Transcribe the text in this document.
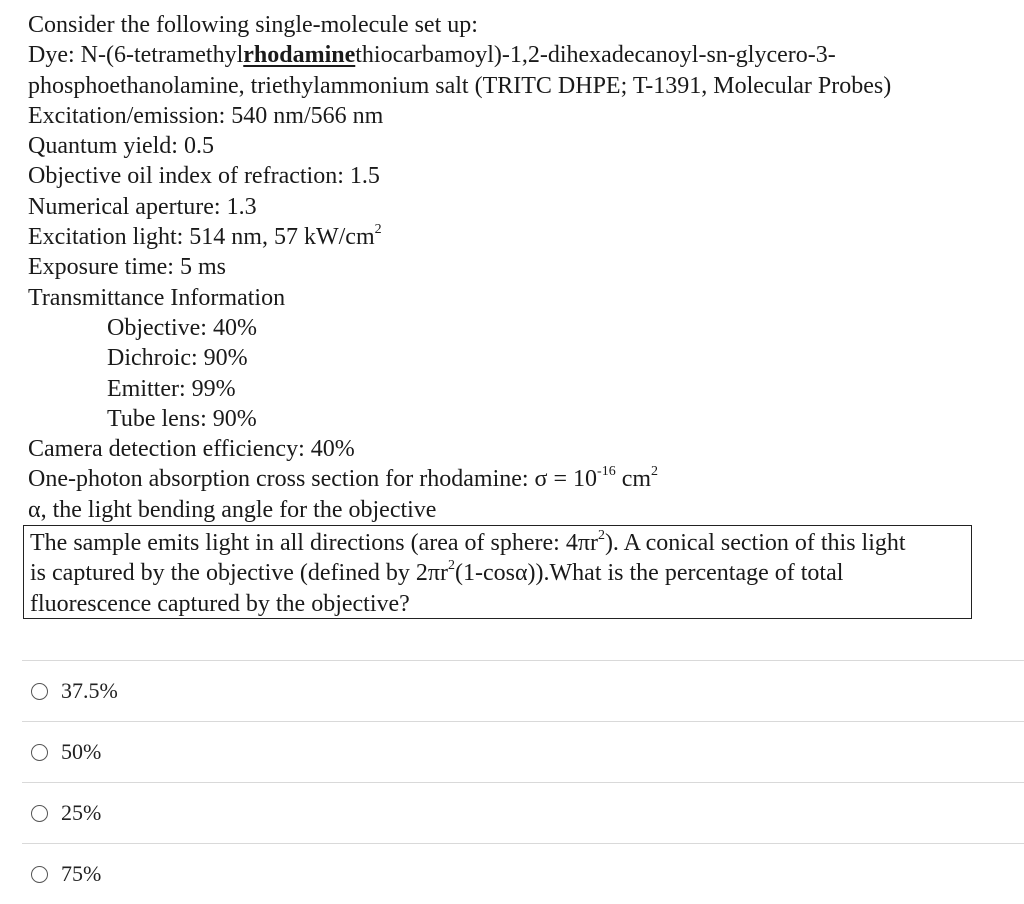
Consider the following single-molecule set up:
Dye: N-(6-tetramethylrhodaminethiocarbamoyl)-1,2-dihexadecanoyl-sn-glycero-3-
phosphoethanolamine, triethylammonium salt (TRITC DHPE; T-1391, Molecular Probes)
Excitation/emission: 540 nm/566 nm
Quantum yield: 0.5
Objective oil index of refraction: 1.5
Numerical aperture: 1.3
Excitation light: 514 nm, 57 $kW/cm^2$
Exposure time: 5 ms
Transmittance Information
Objective: 40%
Dichroic: 90%
Emitter: 99%
Tube lens: 90%
Camera detection efficiency: 40%
One-photon absorption cross section for rhodamine: $\sigma = 10^{-16}$ $cm^2$
α, the light bending angle for the objective
The sample emits light in all directions (area of sphere: $4\pi r^2$). A conical section of this light
is captured by the objective (defined by $2\pi r^2(1-\cos\alpha)).What$ is the percentage of total
fluorescence captured by the objective?
37.5%
50%
25%
75%
